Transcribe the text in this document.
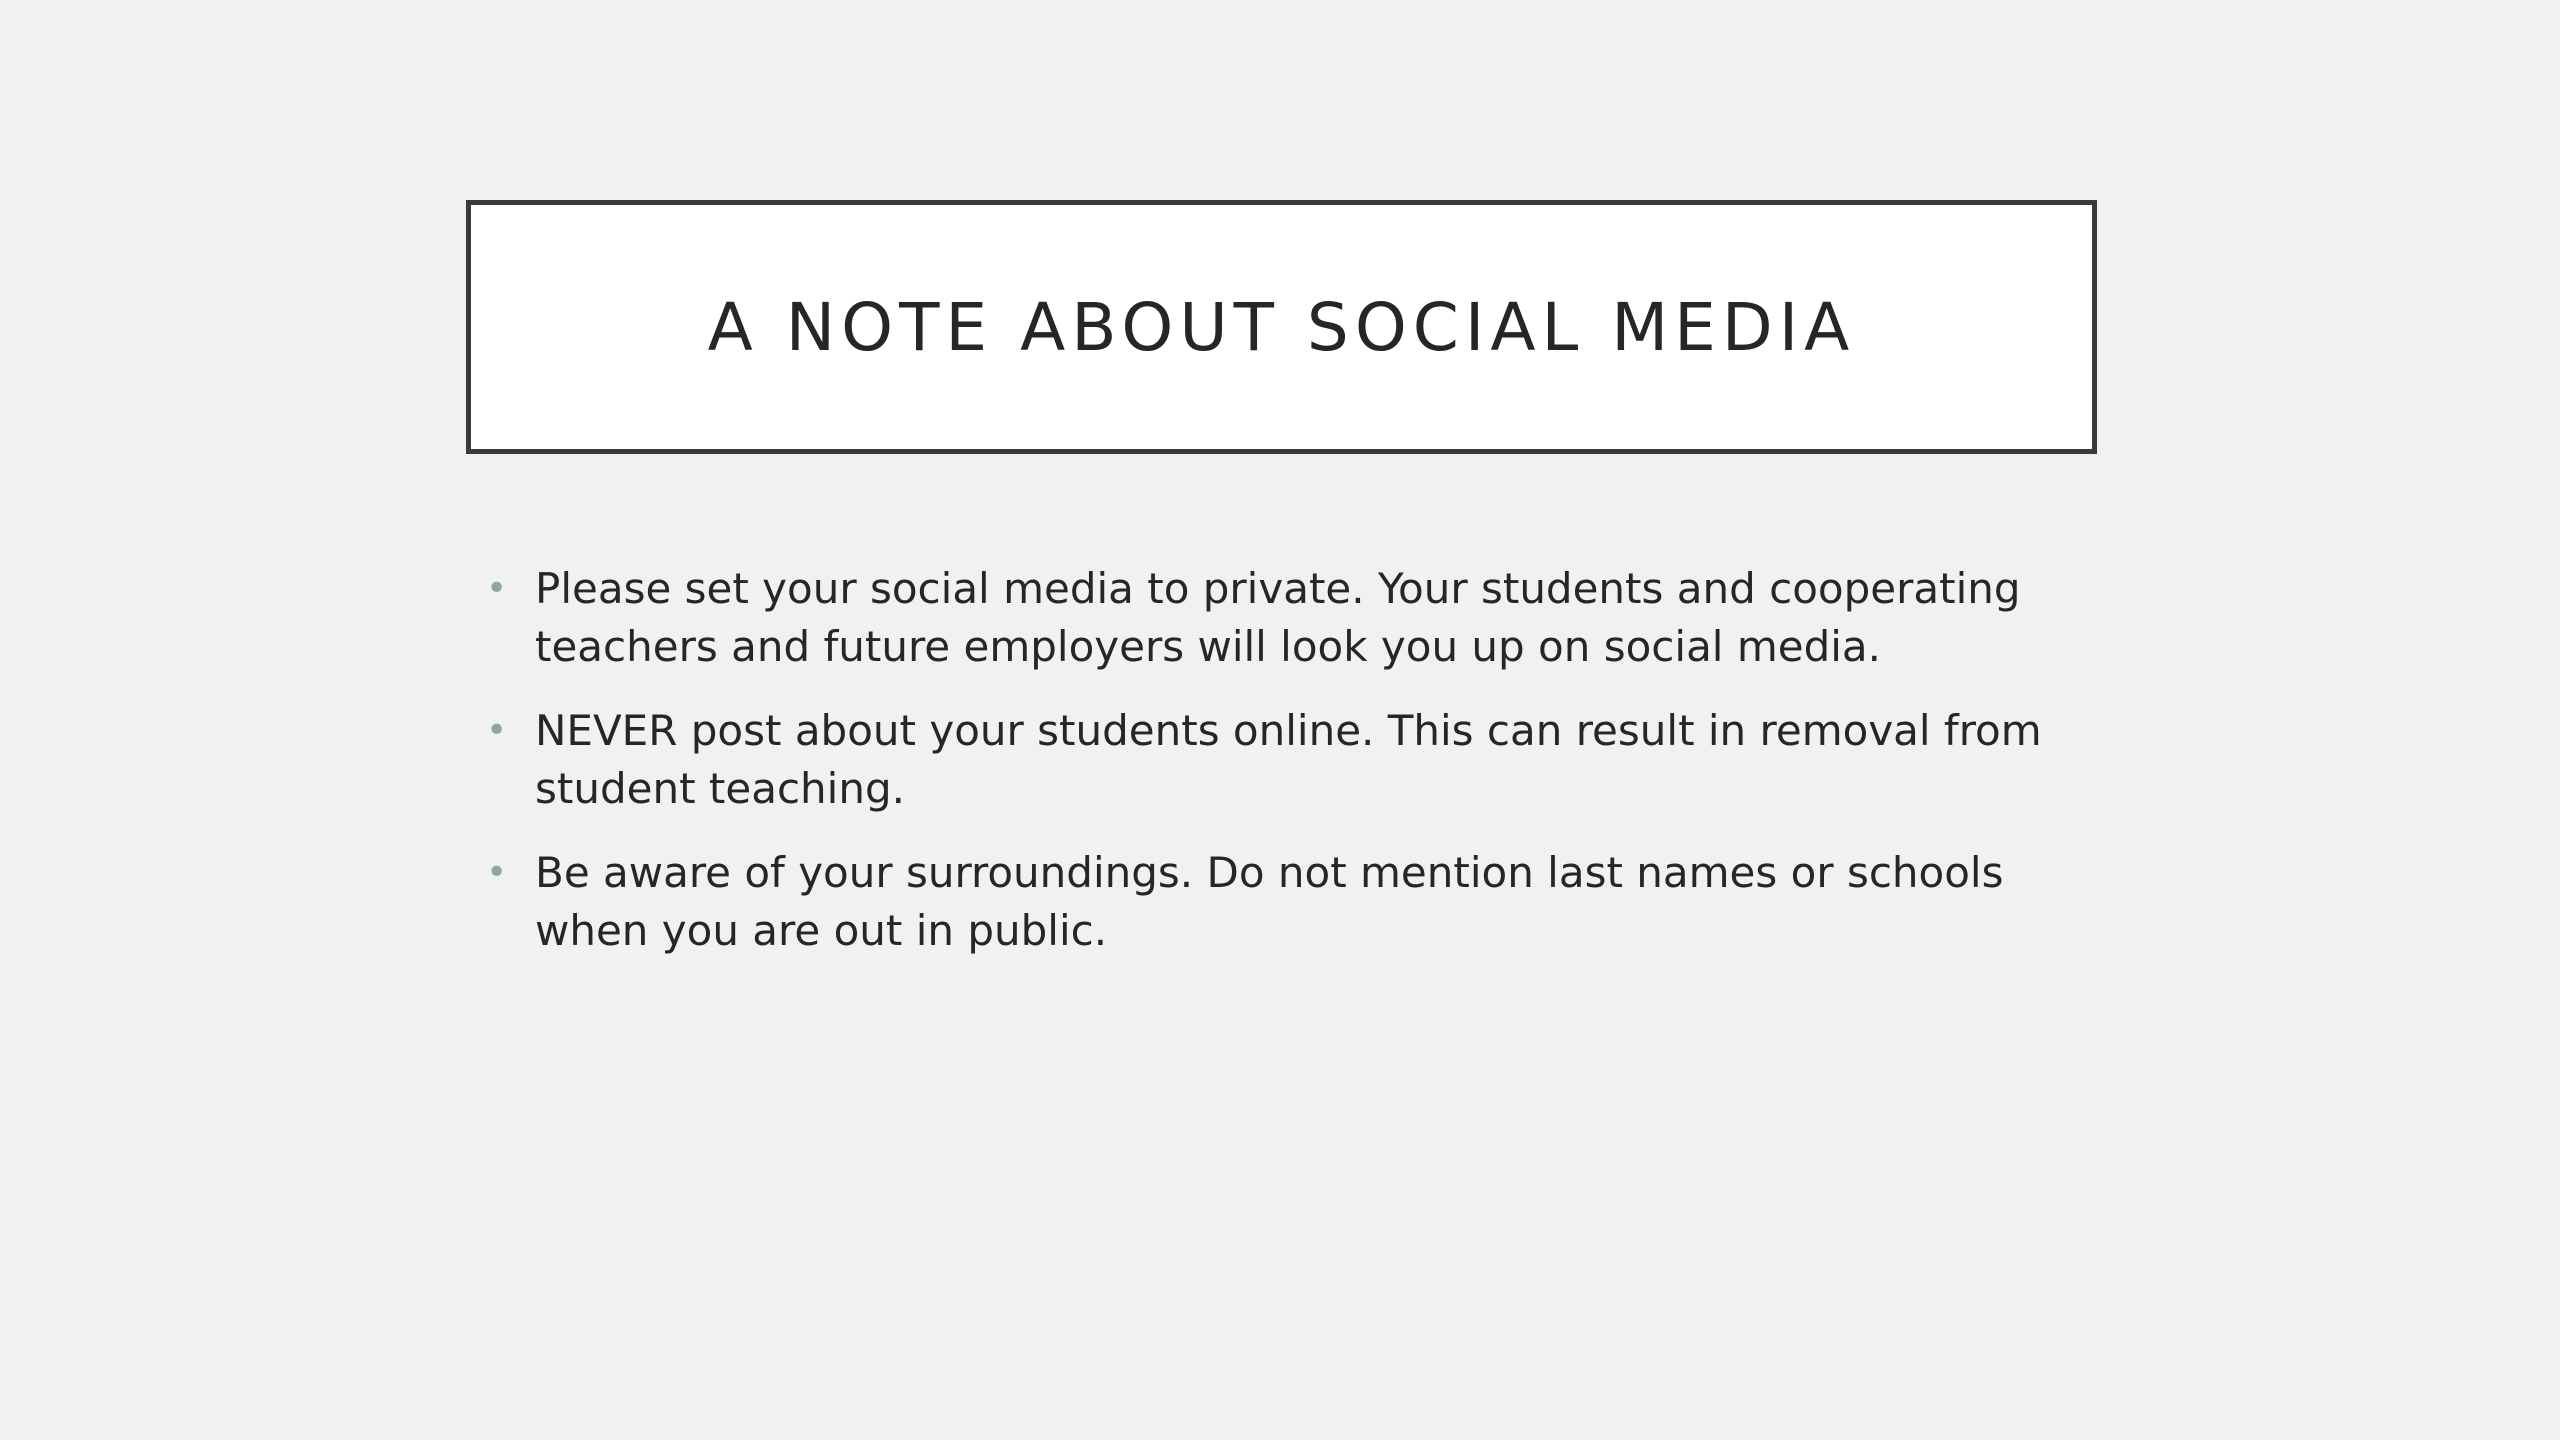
A NOTE ABOUT SOCIAL MEDIA
• Please set your social media to private. Your students and cooperating teachers and future employers will look you up on social media.
• NEVER post about your students online. This can result in removal from student teaching.
• Be aware of your surroundings. Do not mention last names or schools when you are out in public.
